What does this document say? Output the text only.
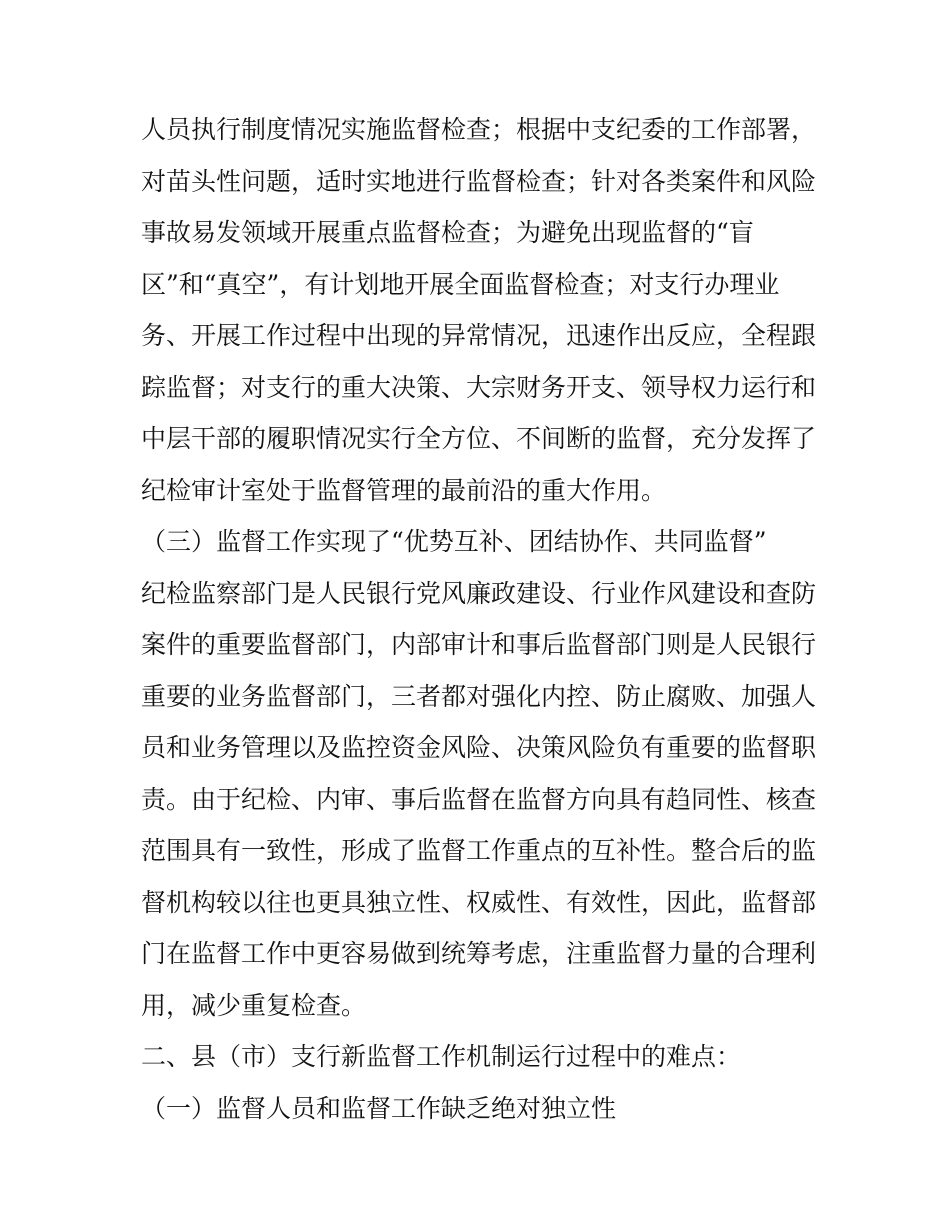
人员执行制度情况实施监督检查；根据中支纪委的工作部署，

对苗头性问题，适时实地进行监督检查；针对各类案件和风险

事故易发领域开展重点监督检查；为避免出现监督的“盲

区”和“真空”，有计划地开展全面监督检查；对支行办理业

务、开展工作过程中出现的异常情况，迅速作出反应，全程跟

踪监督；对支行的重大决策、大宗财务开支、领导权力运行和

中层干部的履职情况实行全方位、不间断的监督，充分发挥了

纪检审计室处于监督管理的最前沿的重大作用。

（三）监督工作实现了“优势互补、团结协作、共同监督”

纪检监察部门是人民银行党风廉政建设、行业作风建设和查防

案件的重要监督部门，内部审计和事后监督部门则是人民银行

重要的业务监督部门，三者都对强化内控、防止腐败、加强人

员和业务管理以及监控资金风险、决策风险负有重要的监督职

责。由于纪检、内审、事后监督在监督方向具有趋同性、核查

范围具有一致性，形成了监督工作重点的互补性。整合后的监

督机构较以往也更具独立性、权威性、有效性，因此，监督部

门在监督工作中更容易做到统筹考虑，注重监督力量的合理利

用，减少重复检查。

二、县（市）支行新监督工作机制运行过程中的难点：

（一）监督人员和监督工作缺乏绝对独立性
